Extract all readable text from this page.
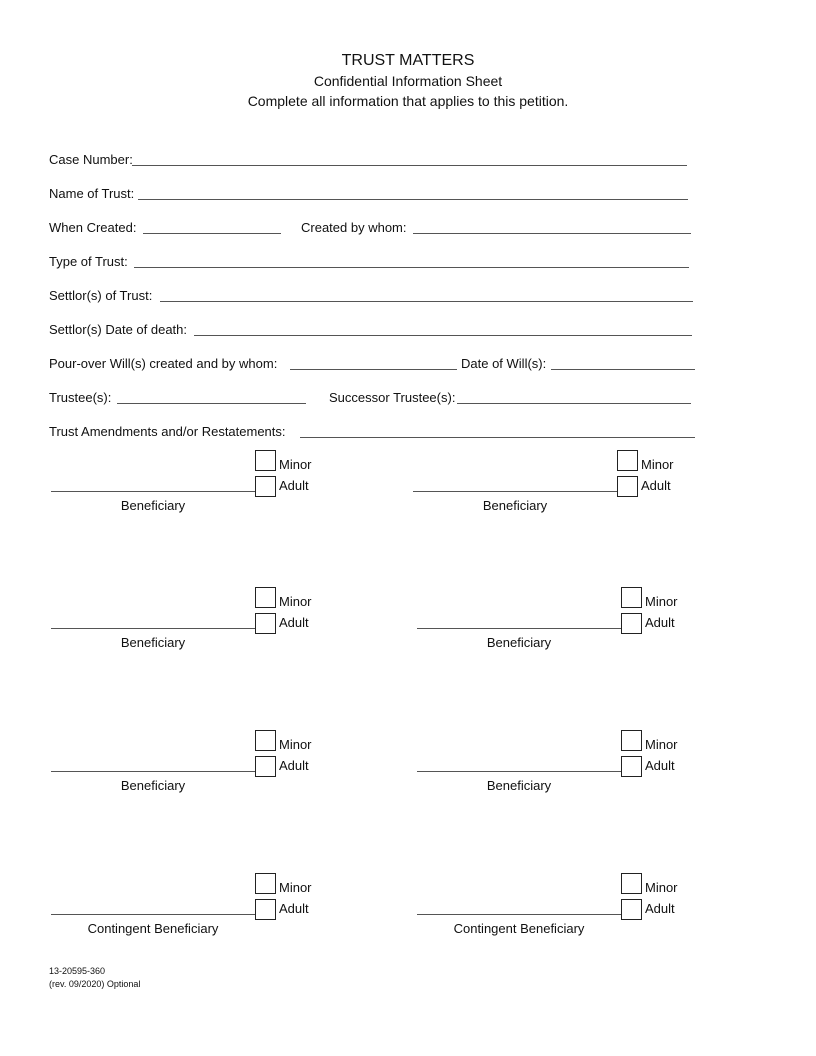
TRUST MATTERS
Confidential Information Sheet
Complete all information that applies to this petition.
Case Number:
Name of Trust:
When Created:	Created by whom:
Type of Trust:
Settlor(s) of Trust:
Settlor(s) Date of death:
Pour-over Will(s) created and by whom:	Date of Will(s):
Trustee(s):	Successor Trustee(s):
Trust Amendments and/or Restatements:
Minor
Adult
Beneficiary
Minor
Adult
Beneficiary
Minor
Adult
Beneficiary
Minor
Adult
Beneficiary
Minor
Adult
Beneficiary
Minor
Adult
Beneficiary
Minor
Adult
Contingent Beneficiary
Minor
Adult
Contingent Beneficiary
13-20595-360
(rev. 09/2020) Optional
